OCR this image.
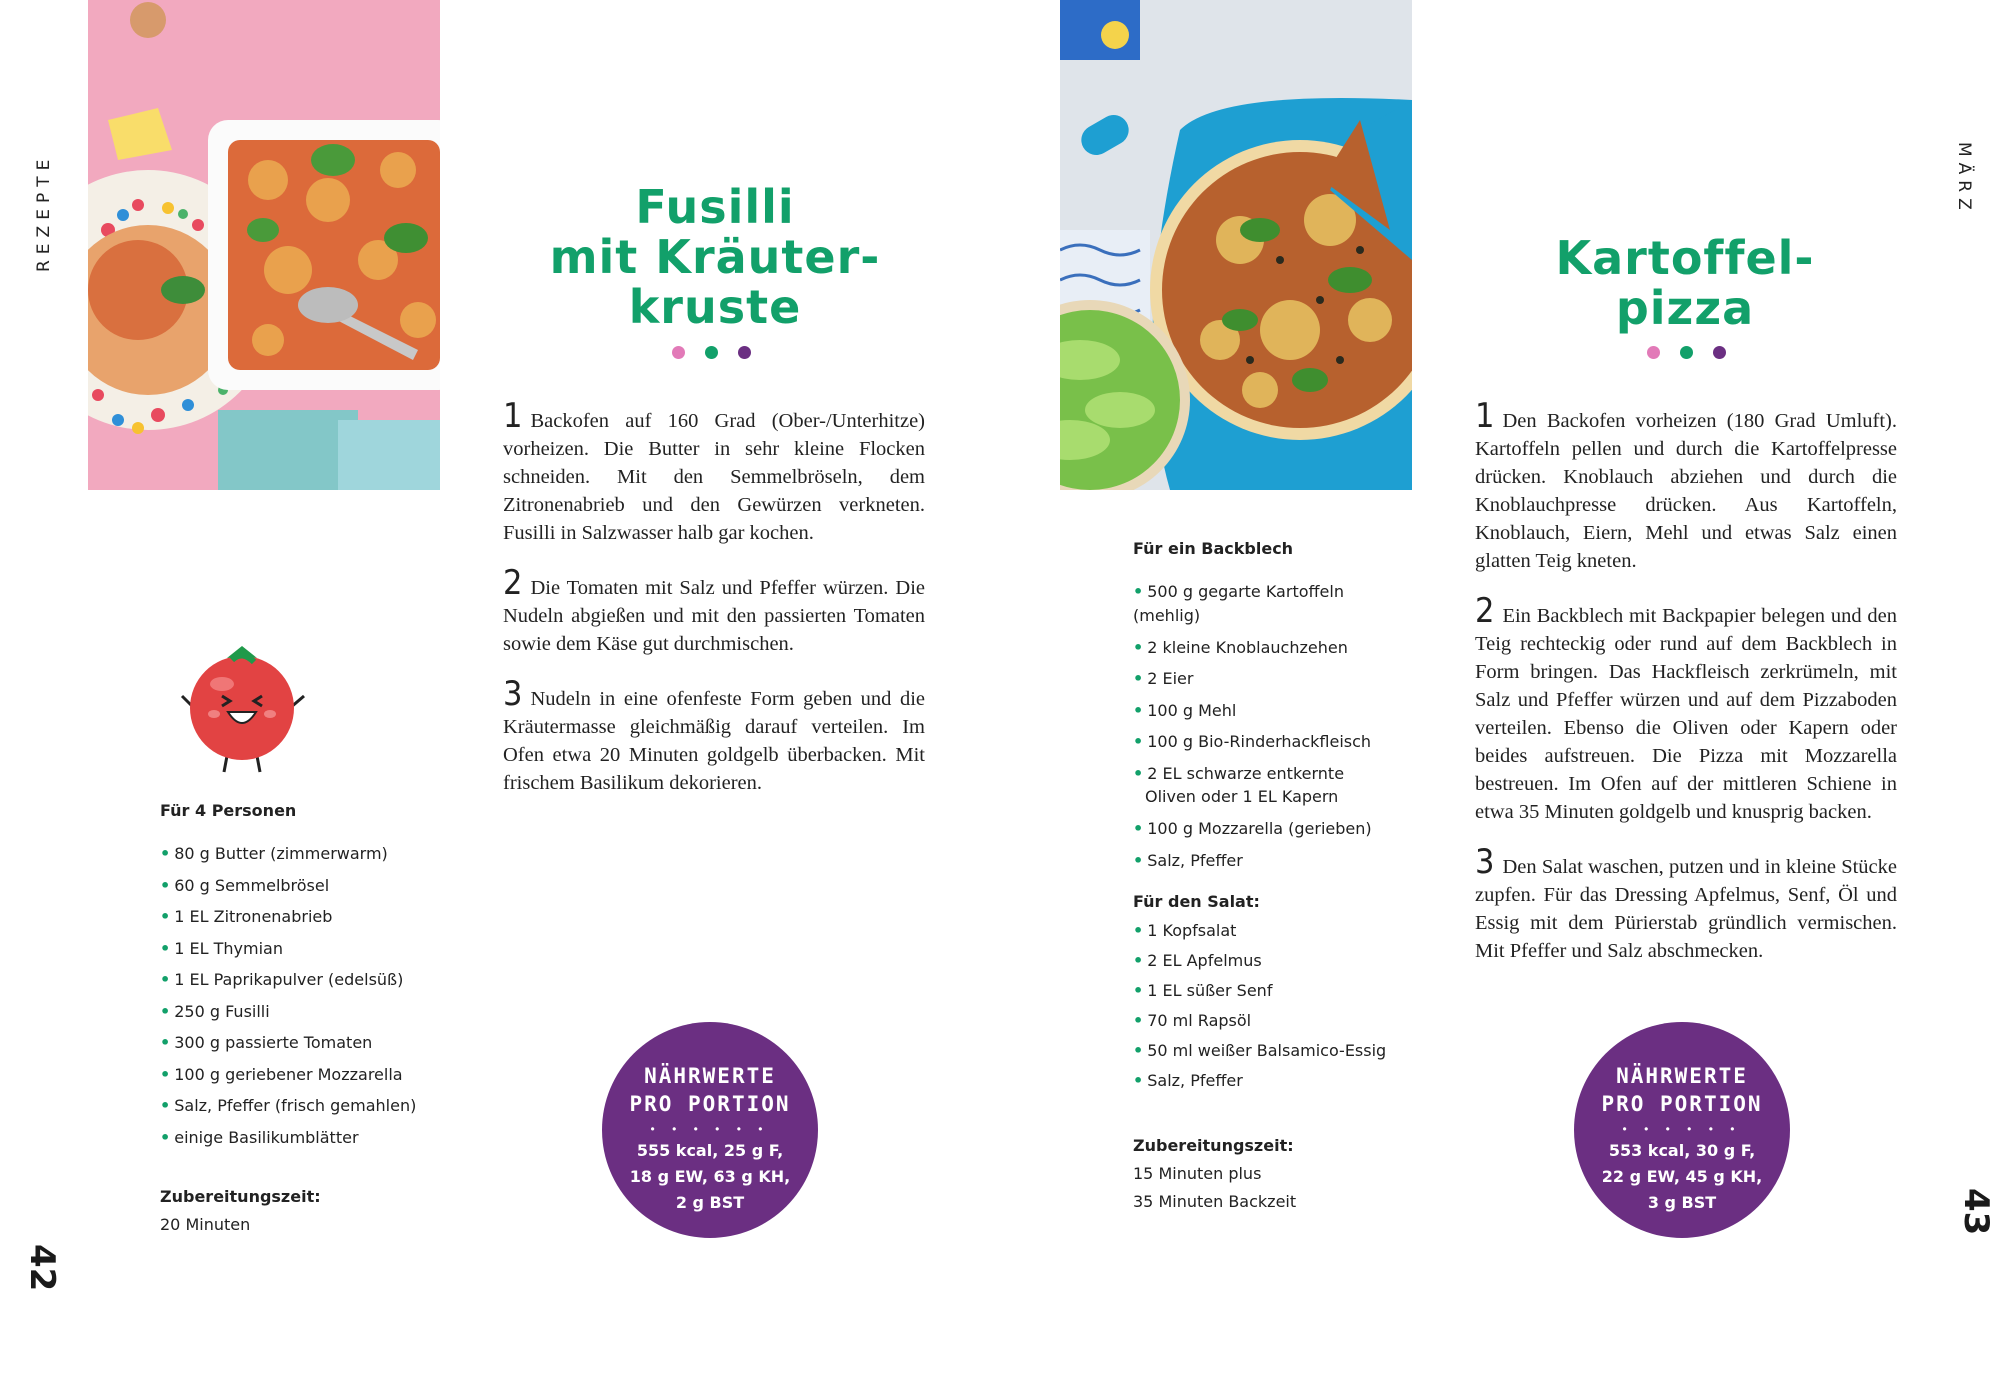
REZEPTE
42
Fusilli
mit Kräuter-
kruste
1 Backofen auf 160 Grad (Ober-/Unterhitze) vorheizen. Die Butter in sehr kleine Flocken schneiden. Mit den Semmelbröseln, dem Zitronenabrieb und den Gewürzen verkneten. Fusilli in Salzwasser halb gar kochen.
2 Die Tomaten mit Salz und Pfeffer würzen. Die Nudeln abgießen und mit den passierten Tomaten sowie dem Käse gut durchmischen.
3 Nudeln in eine ofenfeste Form geben und die Kräutermasse gleichmäßig darauf verteilen. Im Ofen etwa 20 Minuten goldgelb überbacken. Mit frischem Basilikum dekorieren.
Für 4 Personen
• 80 g Butter (zimmerwarm)
• 60 g Semmelbrösel
• 1 EL Zitronenabrieb
• 1 EL Thymian
• 1 EL Paprikapulver (edelsüß)
• 250 g Fusilli
• 300 g passierte Tomaten
• 100 g geriebener Mozzarella
• Salz, Pfeffer (frisch gemahlen)
• einige Basilikumblätter
Zubereitungszeit:
20 Minuten
NÄHRWERTE
PRO PORTION
• • • • • •
555 kcal, 25 g F,
18 g EW, 63 g KH,
2 g BST
MÄRZ
43
Kartoffel-
pizza
1 Den Backofen vorheizen (180 Grad Umluft). Kartoffeln pellen und durch die Kartoffelpresse drücken. Knoblauch abziehen und durch die Knoblauchpresse drücken. Aus Kartoffeln, Knoblauch, Eiern, Mehl und etwas Salz einen glatten Teig kneten.
2 Ein Backblech mit Backpapier belegen und den Teig rechteckig oder rund auf dem Backblech in Form bringen. Das Hackfleisch zerkrümeln, mit Salz und Pfeffer würzen und auf dem Pizzaboden verteilen. Ebenso die Oliven oder Kapern oder beides aufstreuen. Die Pizza mit Mozzarella bestreuen. Im Ofen auf der mittleren Schiene in etwa 35 Minuten goldgelb und knusprig backen.
3 Den Salat waschen, putzen und in kleine Stücke zupfen. Für das Dressing Apfelmus, Senf, Öl und Essig mit dem Pürierstab gründlich vermischen. Mit Pfeffer und Salz abschmecken.
Für ein Backblech
• 500 g gegarte Kartoffeln
(mehlig)
• 2 kleine Knoblauchzehen
• 2 Eier
• 100 g Mehl
• 100 g Bio-Rinderhackfleisch
• 2 EL schwarze entkernte
Oliven oder 1 EL Kapern
• 100 g Mozzarella (gerieben)
• Salz, Pfeffer
Für den Salat:
• 1 Kopfsalat
• 2 EL Apfelmus
• 1 EL süßer Senf
• 70 ml Rapsöl
• 50 ml weißer Balsamico-Essig
• Salz, Pfeffer
Zubereitungszeit:
15 Minuten plus
35 Minuten Backzeit
NÄHRWERTE
PRO PORTION
• • • • • •
553 kcal, 30 g F,
22 g EW, 45 g KH,
3 g BST
